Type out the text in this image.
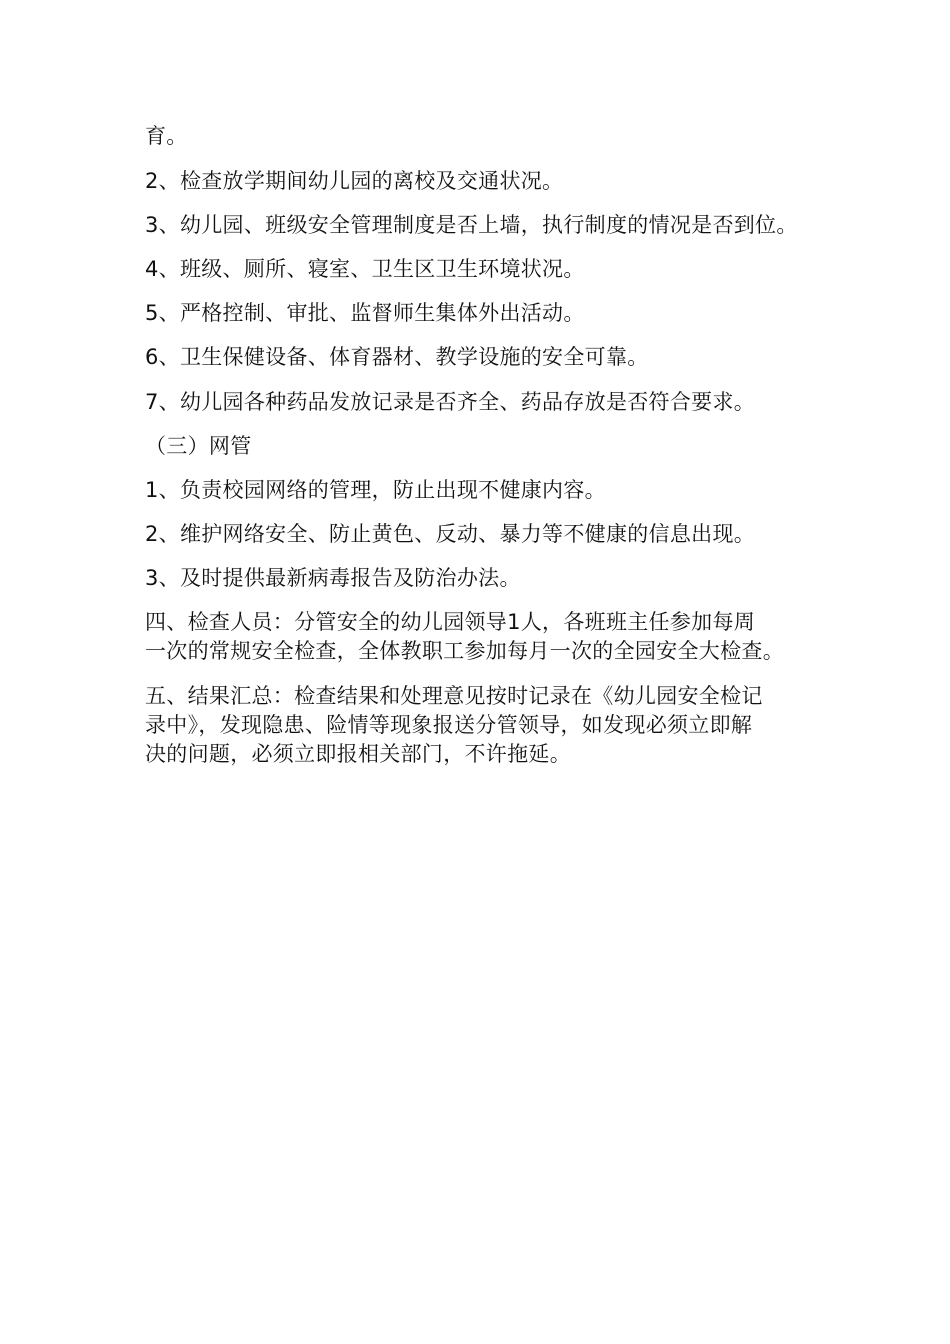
育。
2、检查放学期间幼儿园的离校及交通状况。
3、幼儿园、班级安全管理制度是否上墙，执行制度的情况是否到位。
4、班级、厕所、寝室、卫生区卫生环境状况。
5、严格控制、审批、监督师生集体外出活动。
6、卫生保健设备、体育器材、教学设施的安全可靠。
7、幼儿园各种药品发放记录是否齐全、药品存放是否符合要求。
（三）网管
1、负责校园网络的管理，防止出现不健康内容。
2、维护网络安全、防止黄色、反动、暴力等不健康的信息出现。
3、及时提供最新病毒报告及防治办法。
四、检查人员：分管安全的幼儿园领导1人，各班班主任参加每周
一次的常规安全检查，全体教职工参加每月一次的全园安全大检查。
五、结果汇总：检查结果和处理意见按时记录在《幼儿园安全检记
录中》，发现隐患、险情等现象报送分管领导，如发现必须立即解
决的问题，必须立即报相关部门，不许拖延。
